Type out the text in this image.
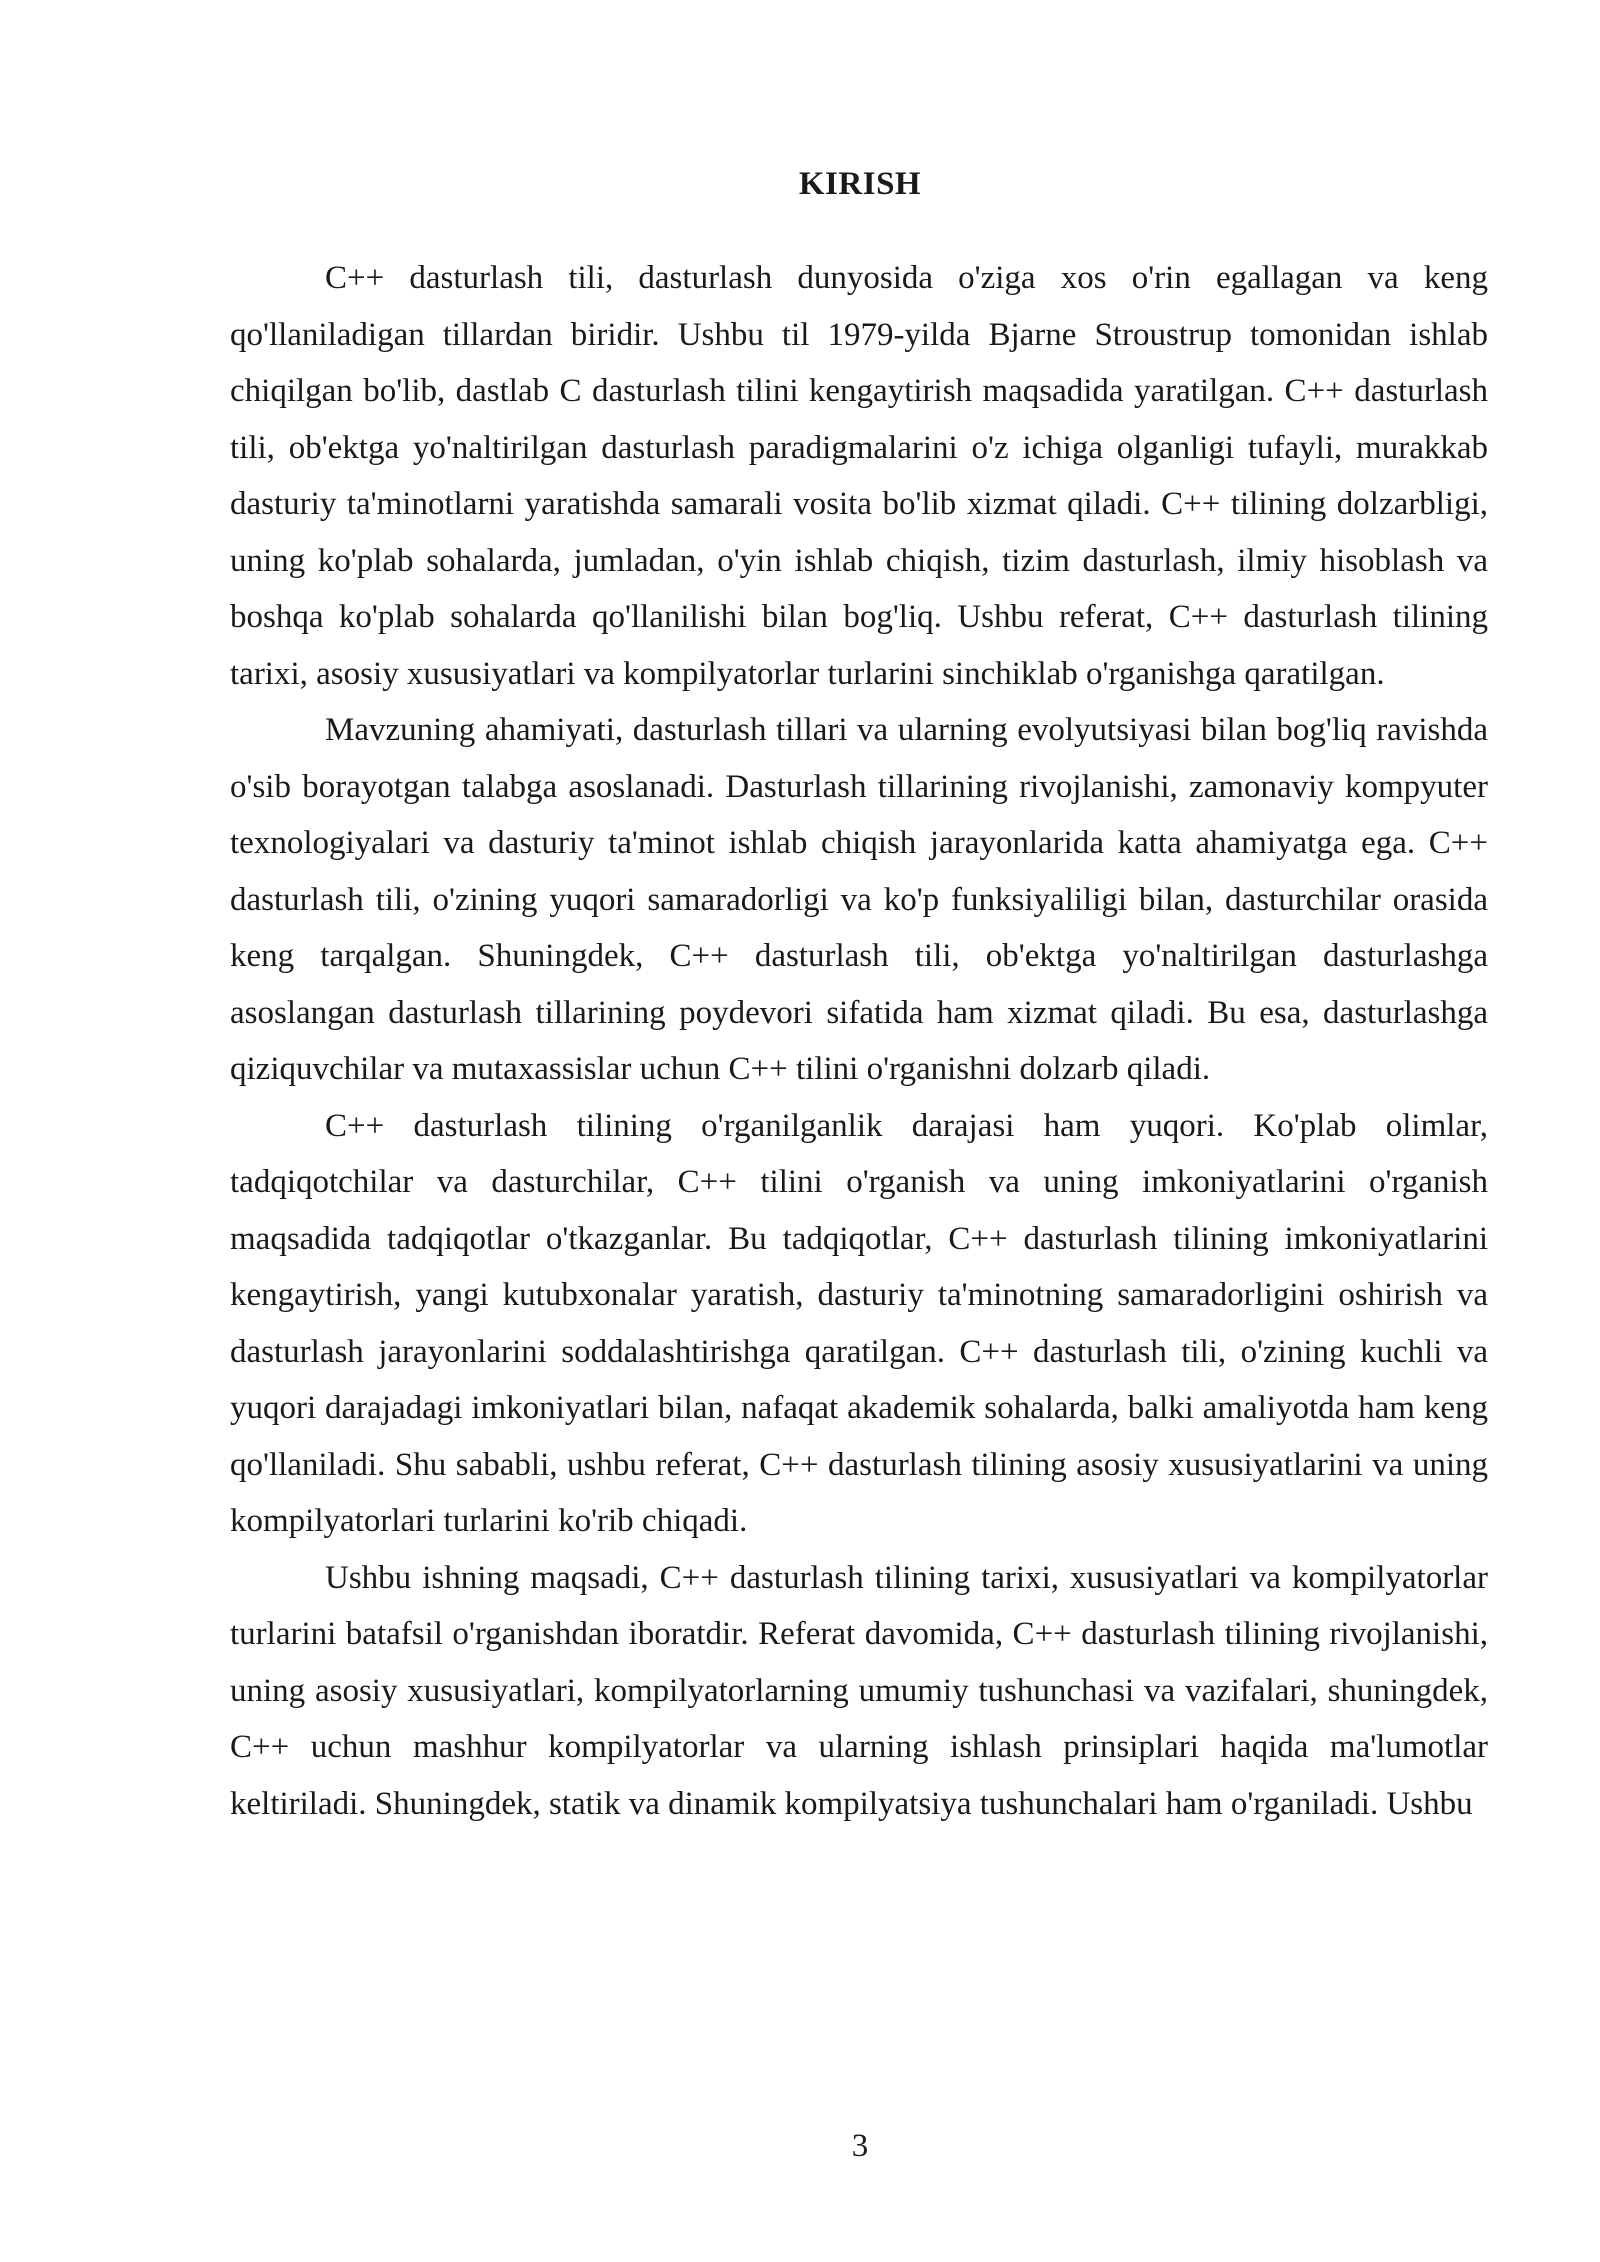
KIRISH

C++ dasturlash tili, dasturlash dunyosida o'ziga xos o'rin egallagan va keng qo'llaniladigan tillardan biridir. Ushbu til 1979-yilda Bjarne Stroustrup tomonidan ishlab chiqilgan bo'lib, dastlab C dasturlash tilini kengaytirish maqsadida yaratilgan. C++ dasturlash tili, ob'ektga yo'naltirilgan dasturlash paradigmalarini o'z ichiga olganligi tufayli, murakkab dasturiy ta'minotlarni yaratishda samarali vosita bo'lib xizmat qiladi. C++ tilining dolzarbligi, uning ko'plab sohalarda, jumladan, o'yin ishlab chiqish, tizim dasturlash, ilmiy hisoblash va boshqa ko'plab sohalarda qo'llanilishi bilan bog'liq. Ushbu referat, C++ dasturlash tilining tarixi, asosiy xususiyatlari va kompilyatorlar turlarini sinchiklab o'rganishga qaratilgan.

Mavzuning ahamiyati, dasturlash tillari va ularning evolyutsiyasi bilan bog'liq ravishda o'sib borayotgan talabga asoslanadi. Dasturlash tillarining rivojlanishi, zamonaviy kompyuter texnologiyalari va dasturiy ta'minot ishlab chiqish jarayonlarida katta ahamiyatga ega. C++ dasturlash tili, o'zining yuqori samaradorligi va ko'p funksiyaliligi bilan, dasturchilar orasida keng tarqalgan. Shuningdek, C++ dasturlash tili, ob'ektga yo'naltirilgan dasturlashga asoslangan dasturlash tillarining poydevori sifatida ham xizmat qiladi. Bu esa, dasturlashga qiziquvchilar va mutaxassislar uchun C++ tilini o'rganishni dolzarb qiladi.

C++ dasturlash tilining o'rganilganlik darajasi ham yuqori. Ko'plab olimlar, tadqiqotchilar va dasturchilar, C++ tilini o'rganish va uning imkoniyatlarini o'rganish maqsadida tadqiqotlar o'tkazganlar. Bu tadqiqotlar, C++ dasturlash tilining imkoniyatlarini kengaytirish, yangi kutubxonalar yaratish, dasturiy ta'minotning samaradorligini oshirish va dasturlash jarayonlarini soddalashtirishga qaratilgan. C++ dasturlash tili, o'zining kuchli va yuqori darajadagi imkoniyatlari bilan, nafaqat akademik sohalarda, balki amaliyotda ham keng qo'llaniladi. Shu sababli, ushbu referat, C++ dasturlash tilining asosiy xususiyatlarini va uning kompilyatorlari turlarini ko'rib chiqadi.

Ushbu ishning maqsadi, C++ dasturlash tilining tarixi, xususiyatlari va kompilyatorlar turlarini batafsil o'rganishdan iboratdir. Referat davomida, C++ dasturlash tilining rivojlanishi, uning asosiy xususiyatlari, kompilyatorlarning umumiy tushunchasi va vazifalari, shuningdek, C++ uchun mashhur kompilyatorlar va ularning ishlash prinsiplari haqida ma'lumotlar keltiriladi. Shuningdek, statik va dinamik kompilyatsiya tushunchalari ham o'rganiladi. Ushbu

3
